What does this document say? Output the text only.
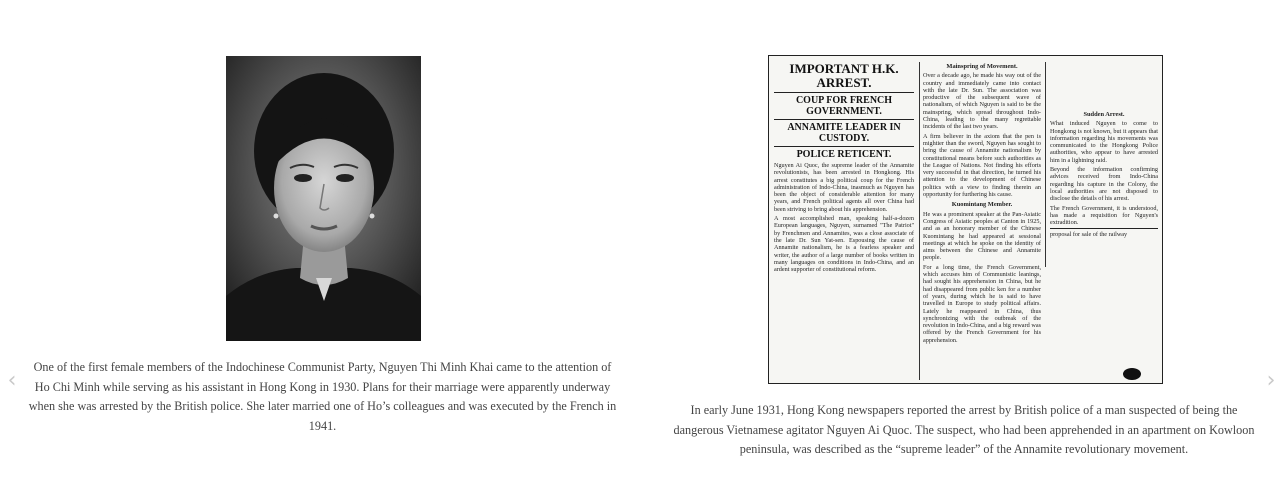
‹	›

One of the first female members of the Indochinese Communist Party, Nguyen Thi Minh Khai came to the attention of Ho Chi Minh while serving as his assistant in Hong Kong in 1930. Plans for their marriage were apparently underway when she was arrested by the British police. She later married one of Ho’s colleagues and was executed by the French in 1941.

IMPORTANT H.K. ARREST.
COUP FOR FRENCH GOVERNMENT.
ANNAMITE LEADER IN CUSTODY.
POLICE RETICENT.

Nguyen Ai Quoc, the supreme leader of the Annamite revolutionists, has been arrested in Hongkong. His arrest constitutes a big political coup for the French administration of Indo-China, inasmuch as Nguyen has been the object of considerable attention for many years, and French political agents all over China had been striving to bring about his apprehension.

A most accomplished man, speaking half-a-dozen European languages, Nguyen, surnamed "The Patriot" by Frenchmen and Annamites, was a close associate of the late Dr. Sun Yat-sen. Espousing the cause of Annamite nationalism, he is a fearless speaker and writer, the author of a large number of books written in many languages on conditions in Indo-China, and an ardent supporter of constitutional reform.

Mainspring of Movement.

Over a decade ago, he made his way out of the country and immediately came into contact with the late Dr. Sun. The association was productive of the subsequent wave of nationalism, of which Nguyen is said to be the mainspring, which spread throughout Indo-China, leading to the many regrettable incidents of the last two years.

A firm believer in the axiom that the pen is mightier than the sword, Nguyen has sought to bring the cause of Annamite nationalism by constitutional means before such authorities as the League of Nations. Not finding his efforts very successful in that direction, he turned his attention to the development of Chinese politics with a view to finding therein an opportunity for furthering his cause.

Kuomintang Member.

He was a prominent speaker at the Pan-Asiatic Congress of Asiatic peoples at Canton in 1925, and as an honorary member of the Chinese Kuomintang he had appeared at sessional meetings at which he spoke on the identity of aims between the Chinese and Annamite people.

For a long time, the French Government, which accuses him of Communistic leanings, had sought his apprehension in China, but he had disappeared from public ken for a number of years, during which he is said to have travelled in Europe to study political affairs. Lately he reappeared in China, thus synchronizing with the outbreak of the revolution in Indo-China, and a big reward was offered by the French Government for his apprehension.

Sudden Arrest.

What induced Nguyen to come to Hongkong is not known, but it appears that information regarding his movements was communicated to the Hongkong Police authorities, who appear to have arrested him in a lightning raid.

Beyond the information confirming advices received from Indo-China regarding his capture in the Colony, the local authorities are not disposed to disclose the details of his arrest.

The French Government, it is understood, has made a requisition for Nguyen's extradition.

proposal for sale of the railway

In early June 1931, Hong Kong newspapers reported the arrest by British police of a man suspected of being the dangerous Vietnamese agitator Nguyen Ai Quoc. The suspect, who had been apprehended in an apartment on Kowloon peninsula, was described as the “supreme leader” of the Annamite revolutionary movement.
